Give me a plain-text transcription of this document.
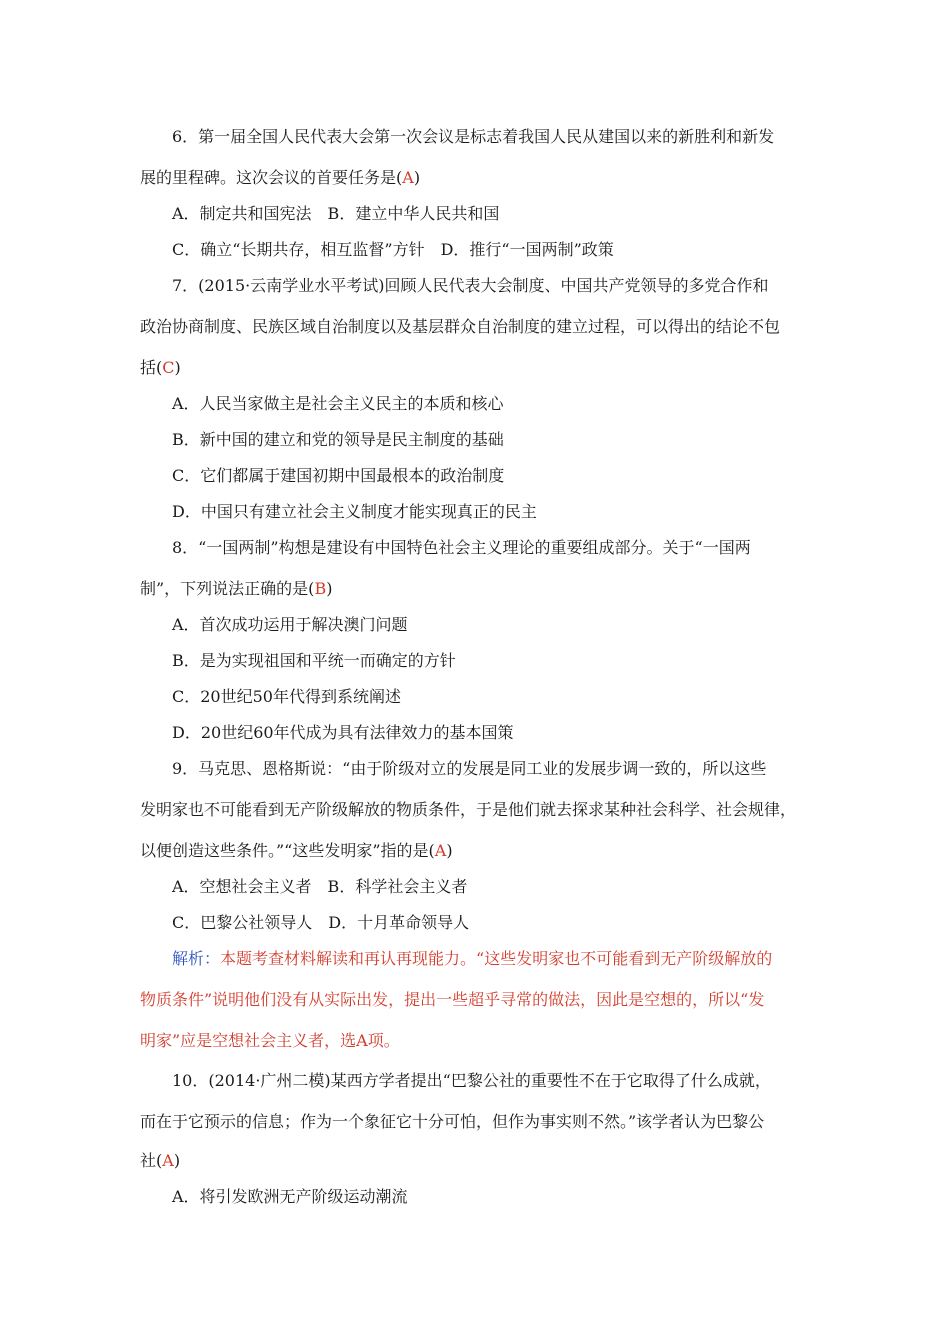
6．第一届全国人民代表大会第一次会议是标志着我国人民从建国以来的新胜利和新发
展的里程碑。这次会议的首要任务是(A)
A．制定共和国宪法　B．建立中华人民共和国
C．确立“长期共存，相互监督”方针　D．推行“一国两制”政策
7．(2015·云南学业水平考试)回顾人民代表大会制度、中国共产党领导的多党合作和
政治协商制度、民族区域自治制度以及基层群众自治制度的建立过程，可以得出的结论不包
括(C)
A．人民当家做主是社会主义民主的本质和核心
B．新中国的建立和党的领导是民主制度的基础
C．它们都属于建国初期中国最根本的政治制度
D．中国只有建立社会主义制度才能实现真正的民主
8．“一国两制”构想是建设有中国特色社会主义理论的重要组成部分。关于“一国两
制”，下列说法正确的是(B)
A．首次成功运用于解决澳门问题
B．是为实现祖国和平统一而确定的方针
C．20世纪50年代得到系统阐述
D．20世纪60年代成为具有法律效力的基本国策
9．马克思、恩格斯说：“由于阶级对立的发展是同工业的发展步调一致的，所以这些
发明家也不可能看到无产阶级解放的物质条件，于是他们就去探求某种社会科学、社会规律，
以便创造这些条件。”“这些发明家”指的是(A)
A．空想社会主义者　B．科学社会主义者
C．巴黎公社领导人　D．十月革命领导人
解析：本题考查材料解读和再认再现能力。“这些发明家也不可能看到无产阶级解放的
物质条件”说明他们没有从实际出发，提出一些超乎寻常的做法，因此是空想的，所以“发
明家”应是空想社会主义者，选A项。
10．(2014·广州二模)某西方学者提出“巴黎公社的重要性不在于它取得了什么成就，
而在于它预示的信息；作为一个象征它十分可怕，但作为事实则不然。”该学者认为巴黎公
社(A)
A．将引发欧洲无产阶级运动潮流
